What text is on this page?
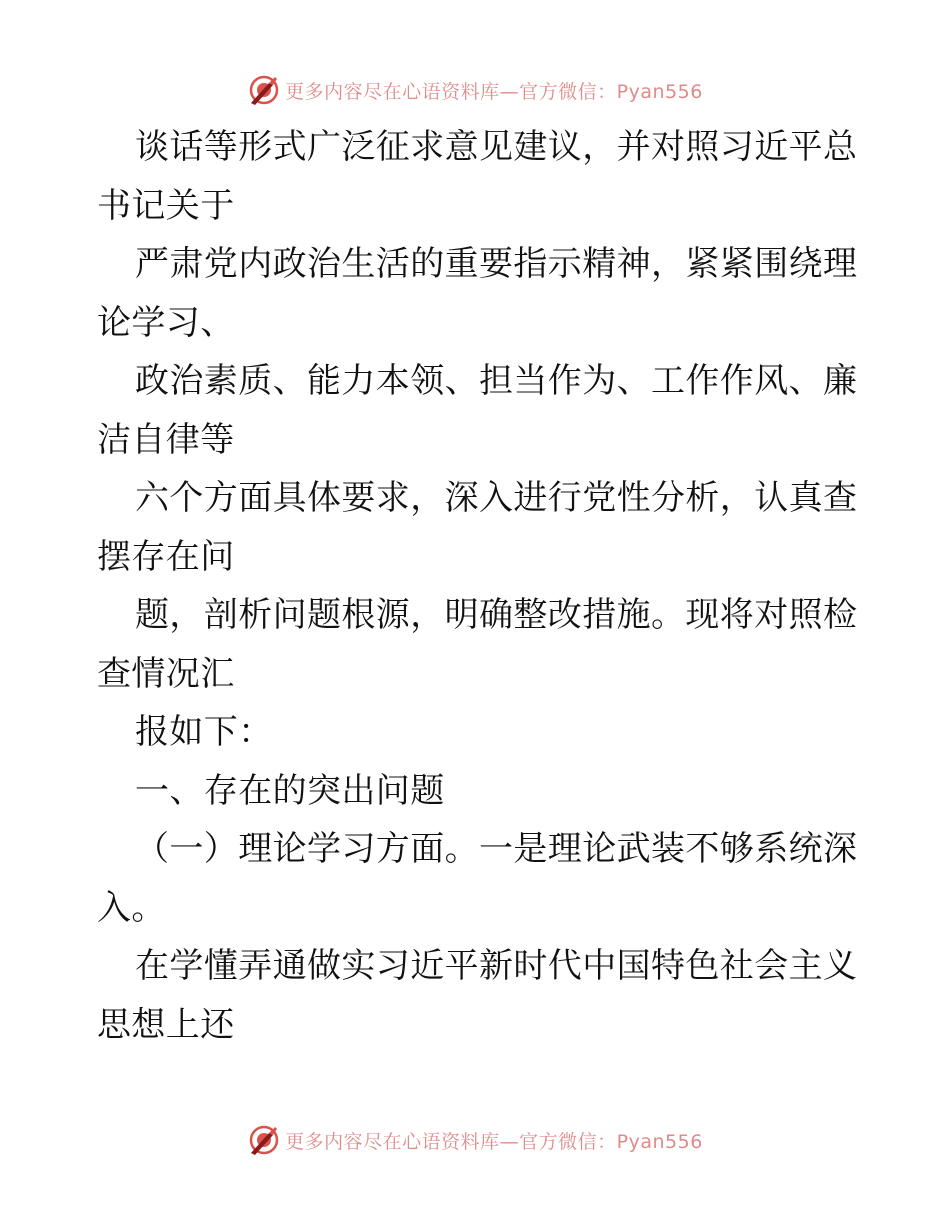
更多内容尽在心语资料库—官方微信：Pyan556
谈话等形式广泛征求意见建议，并对照习近平总
书记关于
严肃党内政治生活的重要指示精神，紧紧围绕理
论学习、
政治素质、能力本领、担当作为、工作作风、廉
洁自律等
六个方面具体要求，深入进行党性分析，认真查
摆存在问
题，剖析问题根源，明确整改措施。现将对照检
查情况汇
报如下：
一、存在的突出问题
（一）理论学习方面。一是理论武装不够系统深
入。
在学懂弄通做实习近平新时代中国特色社会主义
思想上还
更多内容尽在心语资料库—官方微信：Pyan556
